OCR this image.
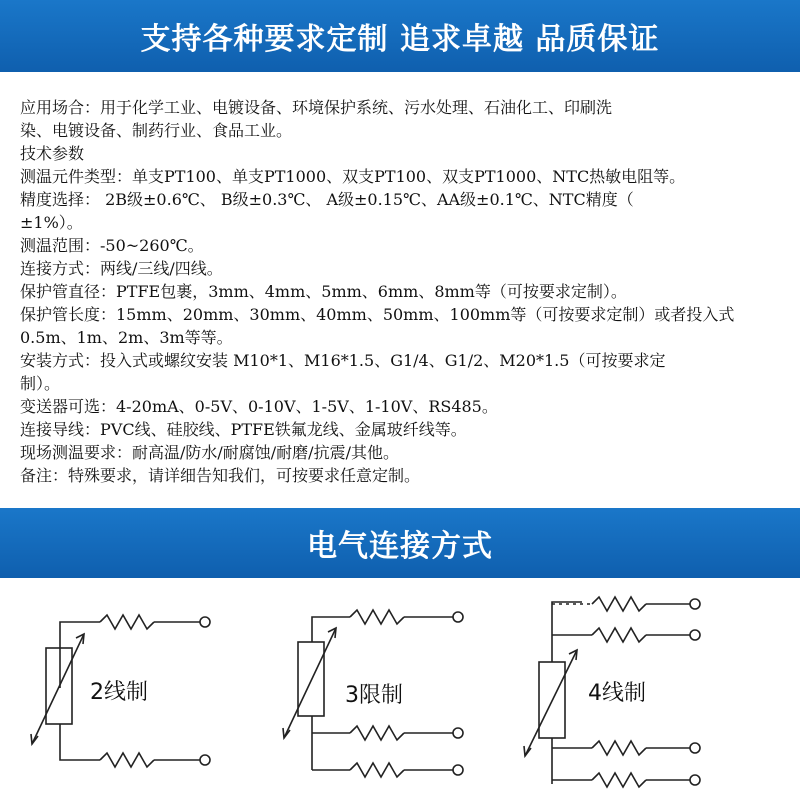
支持各种要求定制 追求卓越 品质保证
应用场合：用于化学工业、电镀设备、环境保护系统、污水处理、石油化工、印刷洗
染、电镀设备、制药行业、食品工业。
技术参数
测温元件类型：单支PT100、单支PT1000、双支PT100、双支PT1000、NTC热敏电阻等。
精度选择： 2B级±0.6℃、 B级±0.3℃、 A级±0.15℃、AA级±0.1℃、NTC精度（
±1%）。
测温范围：-50~260℃。
连接方式：两线/三线/四线。
保护管直径：PTFE包裹，3mm、4mm、5mm、6mm、8mm等（可按要求定制）。
保护管长度：15mm、20mm、30mm、40mm、50mm、100mm等（可按要求定制）或者投入式
0.5m、1m、2m、3m等等。
安装方式：投入式或螺纹安装 M10*1、M16*1.5、G1/4、G1/2、M20*1.5（可按要求定
制）。
变送器可选：4-20mA、0-5V、0-10V、1-5V、1-10V、RS485。
连接导线：PVC线、硅胶线、PTFE铁氟龙线、金属玻纤线等。
现场测温要求：耐高温/防水/耐腐蚀/耐磨/抗震/其他。
备注：特殊要求，请详细告知我们，可按要求任意定制。
电气连接方式
2线制	3限制	4线制
